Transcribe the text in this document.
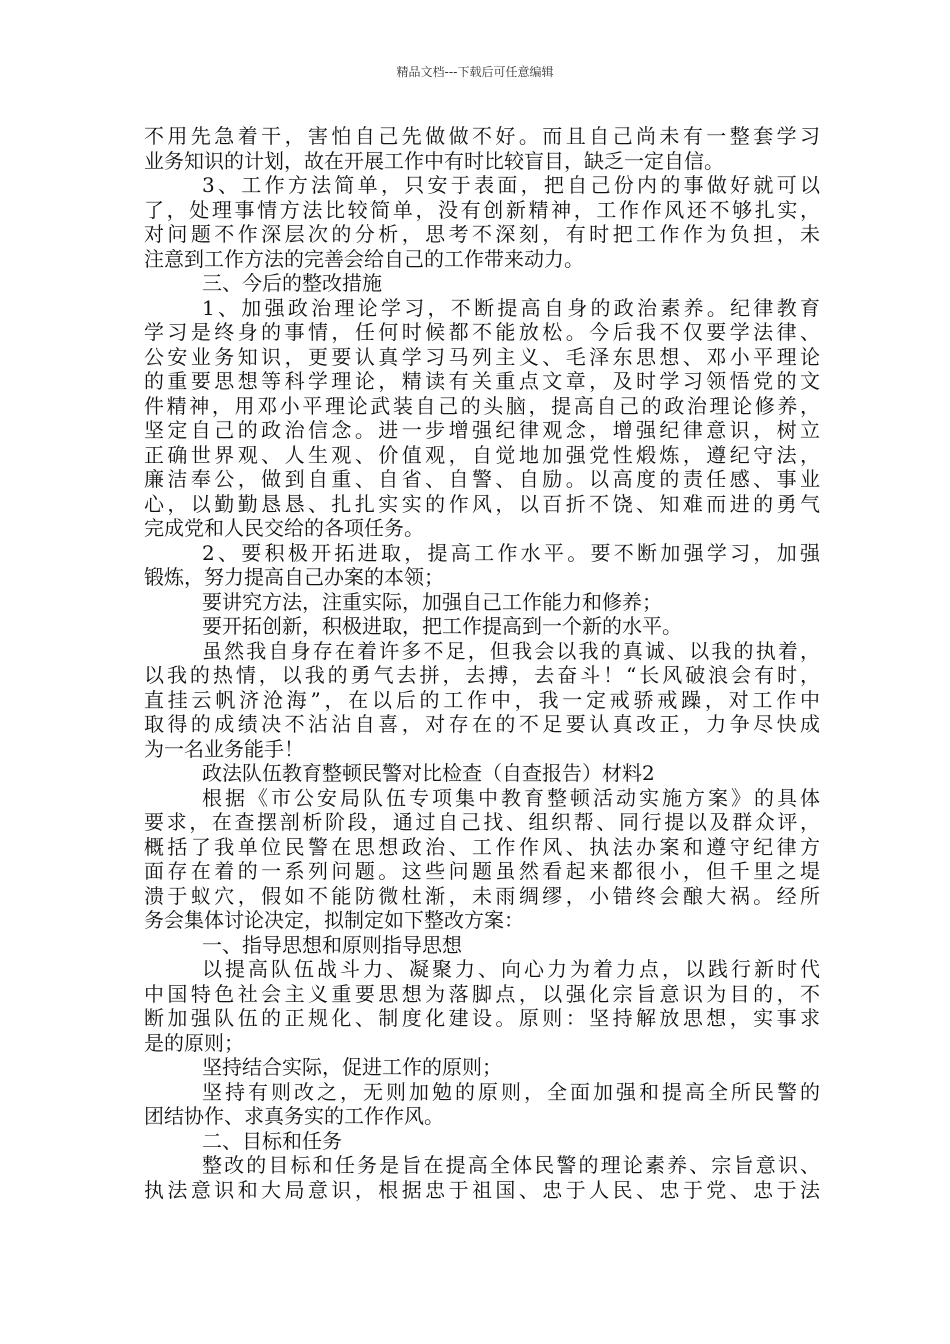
精品文档---下载后可任意编辑
不用先急着干，害怕自己先做做不好。而且自己尚未有一整套学习
业务知识的计划，故在开展工作中有时比较盲目，缺乏一定自信。
3、工作方法简单，只安于表面，把自己份内的事做好就可以
了，处理事情方法比较简单，没有创新精神，工作作风还不够扎实，
对问题不作深层次的分析，思考不深刻，有时把工作作为负担，未
注意到工作方法的完善会给自己的工作带来动力。
三、今后的整改措施
1、加强政治理论学习，不断提高自身的政治素养。纪律教育
学习是终身的事情，任何时候都不能放松。今后我不仅要学法律、
公安业务知识，更要认真学习马列主义、毛泽东思想、邓小平理论
的重要思想等科学理论，精读有关重点文章，及时学习领悟党的文
件精神，用邓小平理论武装自己的头脑，提高自己的政治理论修养，
坚定自己的政治信念。进一步增强纪律观念，增强纪律意识，树立
正确世界观、人生观、价值观，自觉地加强党性煅炼，遵纪守法，
廉洁奉公，做到自重、自省、自警、自励。以高度的责任感、事业
心，以勤勤恳恳、扎扎实实的作风，以百折不饶、知难而进的勇气
完成党和人民交给的各项任务。
2、要积极开拓进取，提高工作水平。要不断加强学习，加强
锻炼，努力提高自己办案的本领；
要讲究方法，注重实际，加强自己工作能力和修养；
要开拓创新，积极进取，把工作提高到一个新的水平。
虽然我自身存在着许多不足，但我会以我的真诚、以我的执着，
以我的热情，以我的勇气去拼，去搏，去奋斗！“长风破浪会有时，
直挂云帆济沧海”，在以后的工作中，我一定戒骄戒躁，对工作中
取得的成绩决不沾沾自喜，对存在的不足要认真改正，力争尽快成
为一名业务能手！
政法队伍教育整顿民警对比检查（自查报告）材料2
根据《市公安局队伍专项集中教育整顿活动实施方案》的具体
要求，在查摆剖析阶段，通过自己找、组织帮、同行提以及群众评，
概括了我单位民警在思想政治、工作作风、执法办案和遵守纪律方
面存在着的一系列问题。这些问题虽然看起来都很小，但千里之堤
溃于蚁穴，假如不能防微杜渐，未雨绸缪，小错终会酿大祸。经所
务会集体讨论决定，拟制定如下整改方案：
一、指导思想和原则指导思想
以提高队伍战斗力、凝聚力、向心力为着力点，以践行新时代
中国特色社会主义重要思想为落脚点，以强化宗旨意识为目的，不
断加强队伍的正规化、制度化建设。原则：坚持解放思想，实事求
是的原则；
坚持结合实际，促进工作的原则；
坚持有则改之，无则加勉的原则，全面加强和提高全所民警的
团结协作、求真务实的工作作风。
二、目标和任务
整改的目标和任务是旨在提高全体民警的理论素养、宗旨意识、
执法意识和大局意识，根据忠于祖国、忠于人民、忠于党、忠于法
